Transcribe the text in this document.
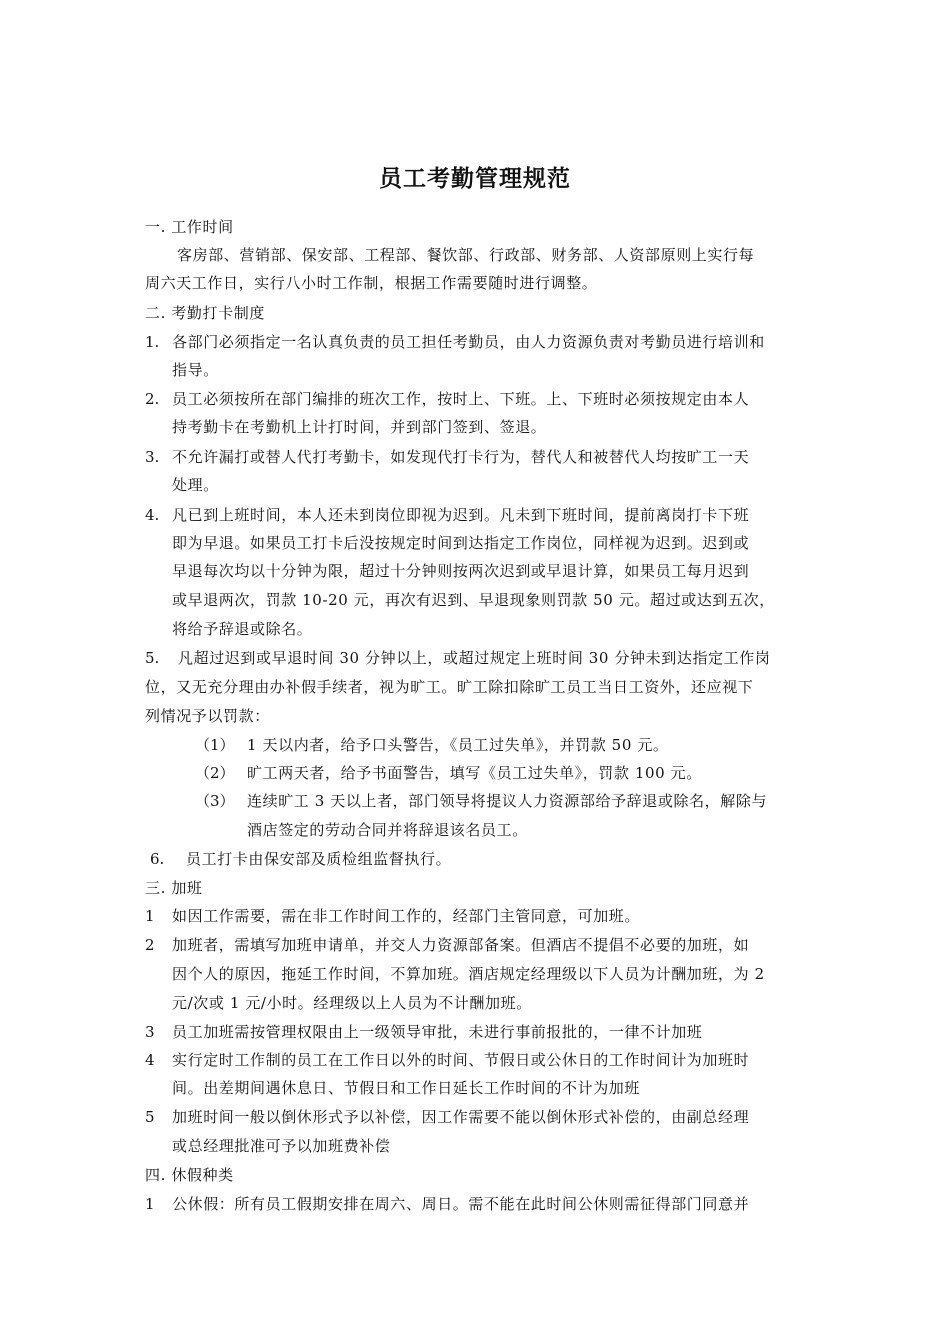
员工考勤管理规范
一. 工作时间
客房部、营销部、保安部、工程部、餐饮部、行政部、财务部、人资部原则上实行每
周六天工作日，实行八小时工作制，根据工作需要随时进行调整。
二. 考勤打卡制度
1. 各部门必须指定一名认真负责的员工担任考勤员，由人力资源负责对考勤员进行培训和
指导。
2. 员工必须按所在部门编排的班次工作，按时上、下班。上、下班时必须按规定由本人
持考勤卡在考勤机上计打时间，并到部门签到、签退。
3. 不允许漏打或替人代打考勤卡，如发现代打卡行为，替代人和被替代人均按旷工一天
处理。
4. 凡已到上班时间，本人还未到岗位即视为迟到。凡未到下班时间，提前离岗打卡下班
即为早退。如果员工打卡后没按规定时间到达指定工作岗位，同样视为迟到。迟到或
早退每次均以十分钟为限，超过十分钟则按两次迟到或早退计算，如果员工每月迟到
或早退两次，罚款 10-20 元，再次有迟到、早退现象则罚款 50 元。超过或达到五次，
将给予辞退或除名。
5. 凡超过迟到或早退时间 30 分钟以上，或超过规定上班时间 30 分钟未到达指定工作岗
位，又无充分理由办补假手续者，视为旷工。旷工除扣除旷工员工当日工资外，还应视下
列情况予以罚款：
（1） 1 天以内者，给予口头警告，《员工过失单》，并罚款 50 元。
（2） 旷工两天者，给予书面警告，填写《员工过失单》，罚款 100 元。
（3） 连续旷工 3 天以上者，部门领导将提议人力资源部给予辞退或除名，解除与
酒店签定的劳动合同并将辞退该名员工。
6. 员工打卡由保安部及质检组监督执行。
三. 加班
1 如因工作需要，需在非工作时间工作的，经部门主管同意，可加班。
2 加班者，需填写加班申请单，并交人力资源部备案。但酒店不提倡不必要的加班，如
因个人的原因，拖延工作时间，不算加班。酒店规定经理级以下人员为计酬加班，为 2
元/次或 1 元/小时。经理级以上人员为不计酬加班。
3 员工加班需按管理权限由上一级领导审批，未进行事前报批的，一律不计加班
4 实行定时工作制的员工在工作日以外的时间、节假日或公休日的工作时间计为加班时
间。出差期间遇休息日、节假日和工作日延长工作时间的不计为加班
5 加班时间一般以倒休形式予以补偿，因工作需要不能以倒休形式补偿的，由副总经理
或总经理批准可予以加班费补偿
四. 休假种类
1 公休假：所有员工假期安排在周六、周日。需不能在此时间公休则需征得部门同意并
